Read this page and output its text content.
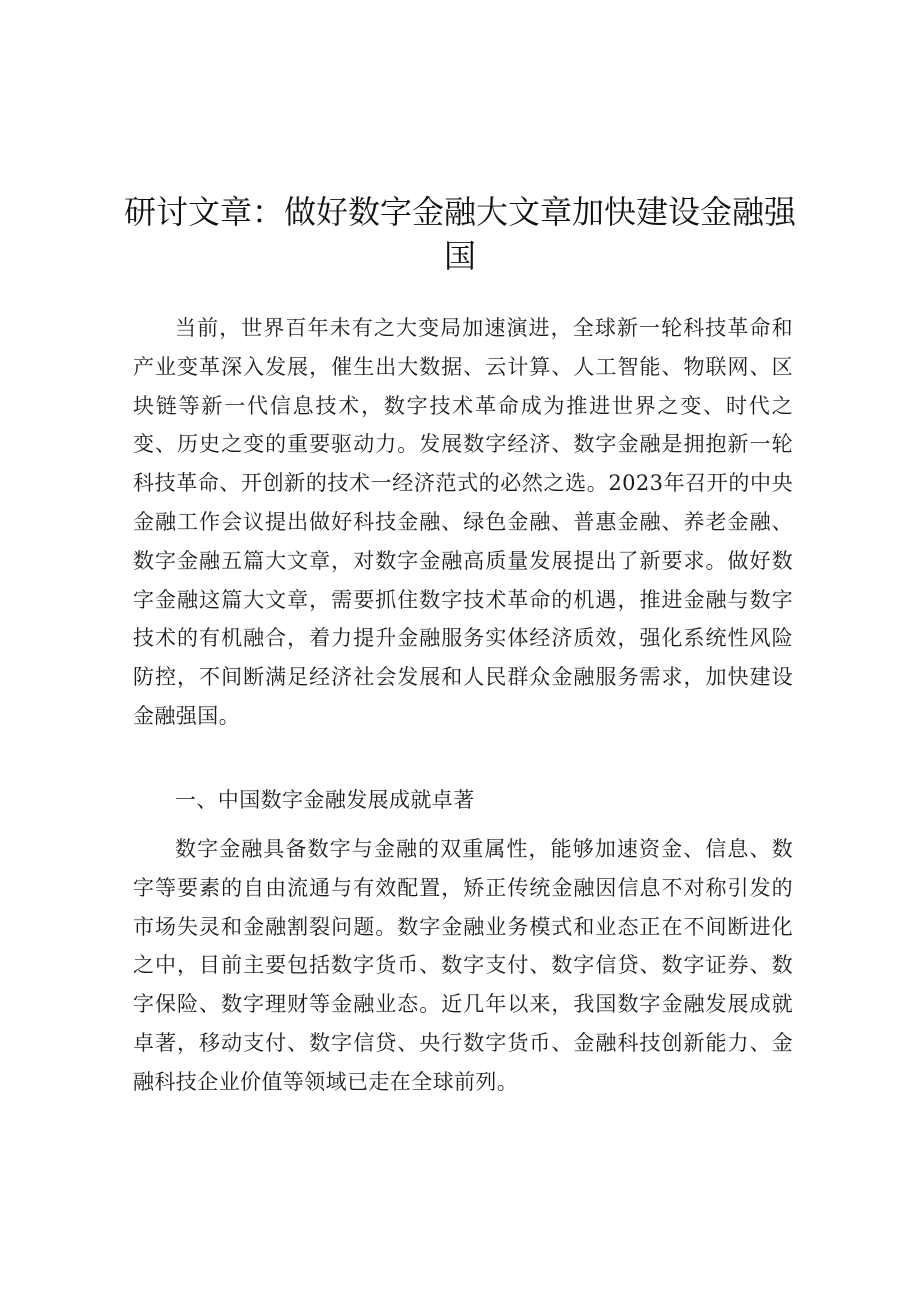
研讨文章：做好数字金融大文章加快建设金融强国

当前，世界百年未有之大变局加速演进，全球新一轮科技革命和产业变革深入发展，催生出大数据、云计算、人工智能、物联网、区块链等新一代信息技术，数字技术革命成为推进世界之变、时代之变、历史之变的重要驱动力。发展数字经济、数字金融是拥抱新一轮科技革命、开创新的技术一经济范式的必然之选。2023年召开的中央金融工作会议提出做好科技金融、绿色金融、普惠金融、养老金融、数字金融五篇大文章，对数字金融高质量发展提出了新要求。做好数字金融这篇大文章，需要抓住数字技术革命的机遇，推进金融与数字技术的有机融合，着力提升金融服务实体经济质效，强化系统性风险防控，不间断满足经济社会发展和人民群众金融服务需求，加快建设金融强国。

一、中国数字金融发展成就卓著

数字金融具备数字与金融的双重属性，能够加速资金、信息、数字等要素的自由流通与有效配置，矫正传统金融因信息不对称引发的市场失灵和金融割裂问题。数字金融业务模式和业态正在不间断进化之中，目前主要包括数字货币、数字支付、数字信贷、数字证券、数字保险、数字理财等金融业态。近几年以来，我国数字金融发展成就卓著，移动支付、数字信贷、央行数字货币、金融科技创新能力、金融科技企业价值等领域已走在全球前列。
